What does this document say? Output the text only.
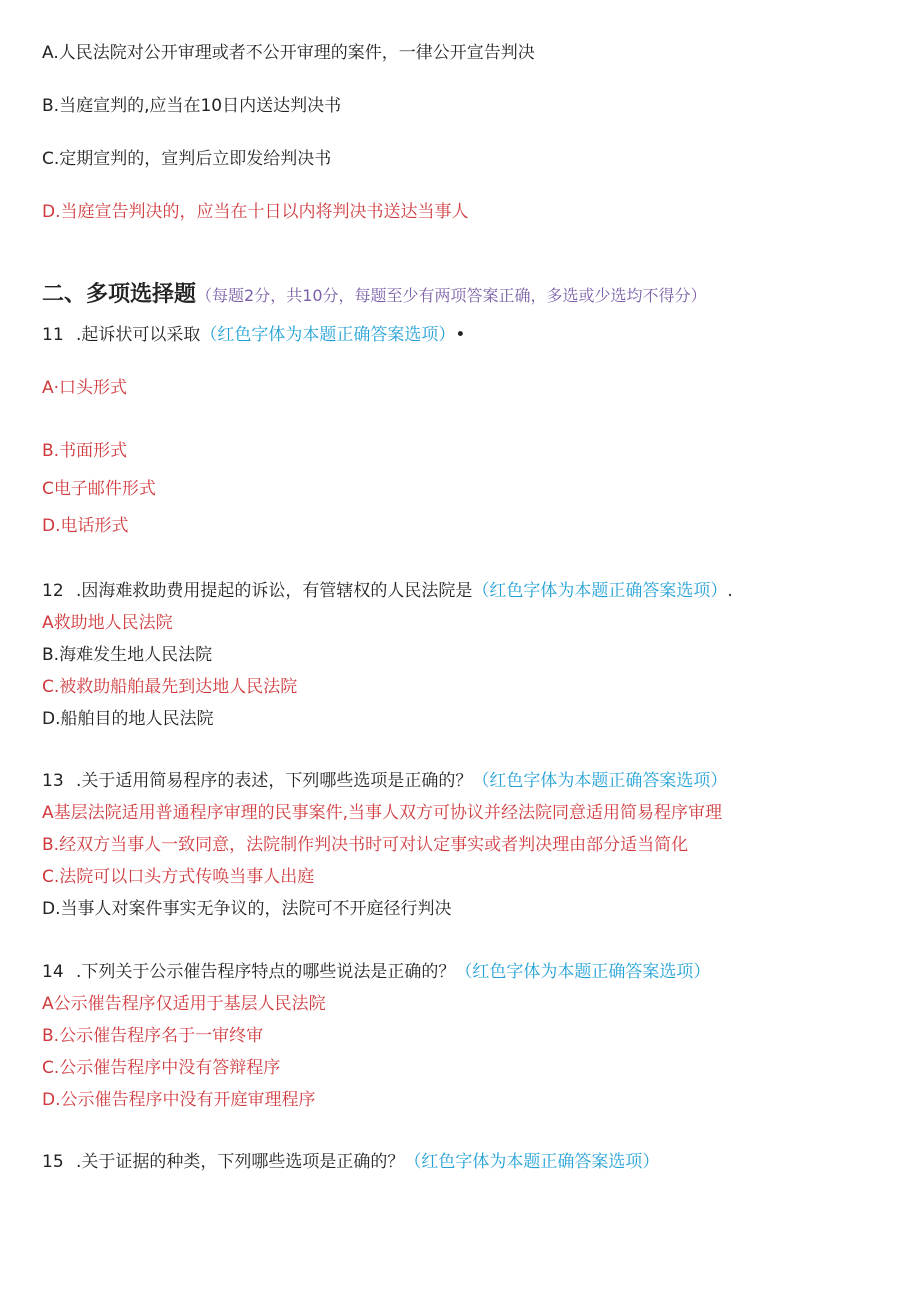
A.人民法院对公开审理或者不公开审理的案件，一律公开宣告判决
B.当庭宣判的,应当在10日内送达判决书
C.定期宣判的，宣判后立即发给判决书
D.当庭宣告判决的，应当在十日以内将判决书送达当事人
二、多项选择题（每题2分，共10分，每题至少有两项答案正确，多选或少选均不得分）
11 .起诉状可以采取（红色字体为本题正确答案选项）•
A·口头形式
B.书面形式
C电子邮件形式
D.电话形式
12 .因海难救助费用提起的诉讼，有管辖权的人民法院是（红色字体为本题正确答案选项）.
A救助地人民法院
B.海难发生地人民法院
C.被救助船舶最先到达地人民法院
D.船舶目的地人民法院
13 .关于适用简易程序的表述，下列哪些选项是正确的？（红色字体为本题正确答案选项）
A基层法院适用普通程序审理的民事案件,当事人双方可协议并经法院同意适用简易程序审理
B.经双方当事人一致同意，法院制作判决书时可对认定事实或者判决理由部分适当简化
C.法院可以口头方式传唤当事人出庭
D.当事人对案件事实无争议的，法院可不开庭径行判决
14 .下列关于公示催告程序特点的哪些说法是正确的？（红色字体为本题正确答案选项）
A公示催告程序仅适用于基层人民法院
B.公示催告程序名于一审终审
C.公示催告程序中没有答辩程序
D.公示催告程序中没有开庭审理程序
15 .关于证据的种类，下列哪些选项是正确的？（红色字体为本题正确答案选项）
